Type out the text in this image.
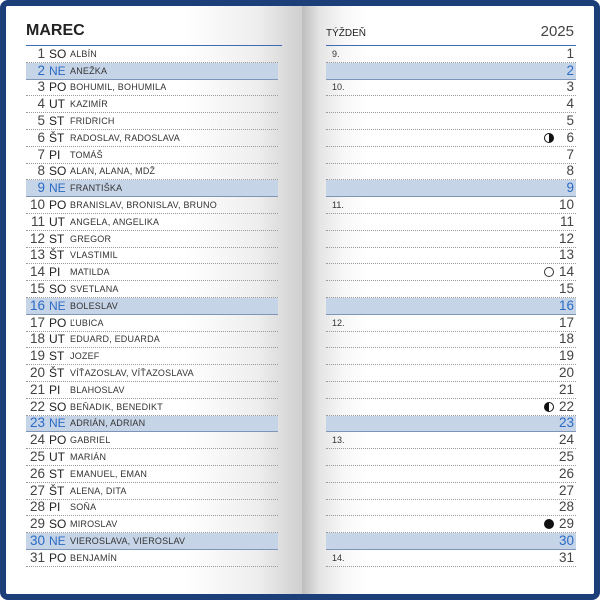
MAREC
1 SO ALBÍN
2 NE ANEŽKA
3 PO BOHUMIL, BOHUMILA
4 UT KAZIMÍR
5 ST FRIDRICH
6 ŠT RADOSLAV, RADOSLAVA
7 PI TOMÁŠ
8 SO ALAN, ALANA, MDŽ
9 NE FRANTIŠKA
10 PO BRANISLAV, BRONISLAV, BRUNO
11 UT ANGELA, ANGELIKA
12 ST GREGOR
13 ŠT VLASTIMIL
14 PI MATILDA
15 SO SVETLANA
16 NE BOLESLAV
17 PO ĽUBICA
18 UT EDUARD, EDUARDA
19 ST JOZEF
20 ŠT VÍŤAZOSLAV, VÍŤAZOSLAVA
21 PI BLAHOSLAV
22 SO BEŇADIK, BENEDIKT
23 NE ADRIÁN, ADRIAN
24 PO GABRIEL
25 UT MARIÁN
26 ST EMANUEL, EMAN
27 ŠT ALENA, DITA
28 PI SOŇA
29 SO MIROSLAV
30 NE VIEROSLAVA, VIEROSLAV
31 PO BENJAMÍN
TÝŽDEŇ	2025
9.	1
2
10.	3
4
5
6
7
8
9
11.	10
11
12
13
14
15
16
12.	17
18
19
20
21
22
23
13.	24
25
26
27
28
29
30
14.	31
